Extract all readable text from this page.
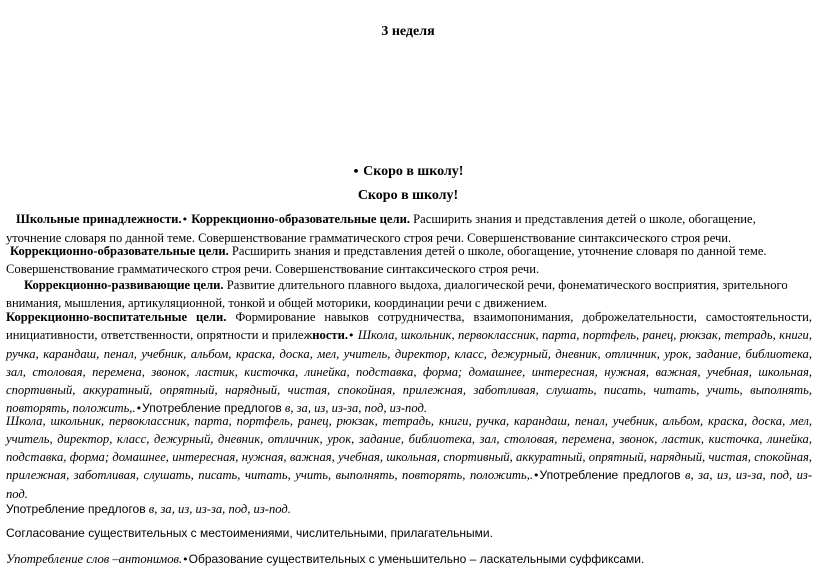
3 неделя
• Скоро в школу!
Скоро в школу!
Школьные принадлежности.• Коррекционно-образовательные цели. Расширить знания и представления детей о школе, обогащение, уточнение словаря по данной теме. Совершенствование грамматического строя речи. Совершенствование синтаксического строя речи.
Коррекционно-образовательные цели. Расширить знания и представления детей о школе, обогащение, уточнение словаря по данной теме. Совершенствование грамматического строя речи. Совершенствование синтаксического строя речи.
Коррекционно-развивающие цели. Развитие длительного плавного выдоха, диалогической речи, фонематического восприятия, зрительного внимания, мышления, артикуляционной, тонкой и общей моторики, координации речи с движением.
Коррекционно-воспитательные цели. Формирование навыков сотрудничества, взаимопонимания, доброжелательности, самостоятельности, инициативности, ответственности, опрятности и прилежности.• Школа, школьник, первоклассник, парта, портфель, ранец, рюкзак, тетрадь, книги, ручка, карандаш, пенал, учебник, альбом, краска, доска, мел, учитель, директор, класс, дежурный, дневник, отличник, урок, задание, библиотека, зал, столовая, перемена, звонок, ластик, кисточка, линейка, подставка, форма; домашнее, интересная, нужная, важная, учебная, школьная, спортивный, аккуратный, опрятный, нарядный, чистая, спокойная, прилежная, заботливая, слушать, писать, читать, учить, выполнять, повторять, положить,.•Употребление предлогов в, за, из, из-за, под, из-под.
Школа, школьник, первоклассник, парта, портфель, ранец, рюкзак, тетрадь, книги, ручка, карандаш, пенал, учебник, альбом, краска, доска, мел, учитель, директор, класс, дежурный, дневник, отличник, урок, задание, библиотека, зал, столовая, перемена, звонок, ластик, кисточка, линейка, подставка, форма; домашнее, интересная, нужная, важная, учебная, школьная, спортивный, аккуратный, опрятный, нарядный, чистая, спокойная, прилежная, заботливая, слушать, писать, читать, учить, выполнять, повторять, положить,.•Употребление предлогов в, за, из, из-за, под, из-под.
Употребление предлогов в, за, из, из-за, под, из-под.
Согласование существительных с местоимениями, числительными, прилагательными.
Употребление слов –антонимов.•Образование существительных с уменьшительно – ласкательными суффиксами.
